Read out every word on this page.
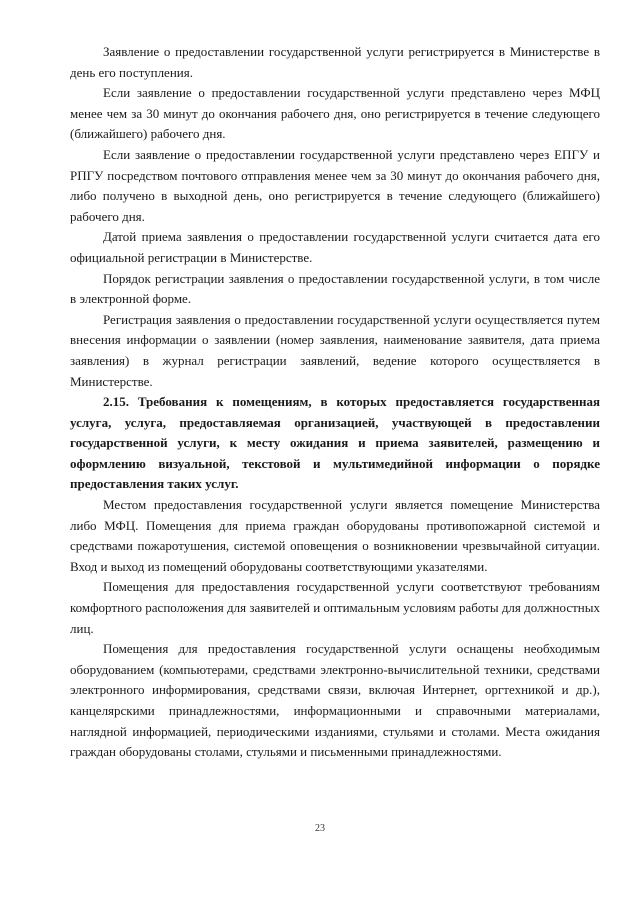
Заявление о предоставлении государственной услуги регистрируется в Министерстве в день его поступления.

Если заявление о предоставлении государственной услуги представлено через МФЦ менее чем за 30 минут до окончания рабочего дня, оно регистрируется в течение следующего (ближайшего) рабочего дня.

Если заявление о предоставлении государственной услуги представлено через ЕПГУ и РПГУ посредством почтового отправления менее чем за 30 минут до окончания рабочего дня, либо получено в выходной день, оно регистрируется в течение следующего (ближайшего) рабочего дня.

Датой приема заявления о предоставлении государственной услуги считается дата его официальной регистрации в Министерстве.

Порядок регистрации заявления о предоставлении государственной услуги, в том числе в электронной форме.

Регистрация заявления о предоставлении государственной услуги осуществляется путем внесения информации о заявлении (номер заявления, наименование заявителя, дата приема заявления) в журнал регистрации заявлений, ведение которого осуществляется в Министерстве.

2.15. Требования к помещениям, в которых предоставляется государственная услуга, услуга, предоставляемая организацией, участвующей в предоставлении государственной услуги, к месту ожидания и приема заявителей, размещению и оформлению визуальной, текстовой и мультимедийной информации о порядке предоставления таких услуг.

Местом предоставления государственной услуги является помещение Министерства либо МФЦ. Помещения для приема граждан оборудованы противопожарной системой и средствами пожаротушения, системой оповещения о возникновении чрезвычайной ситуации. Вход и выход из помещений оборудованы соответствующими указателями.

Помещения для предоставления государственной услуги соответствуют требованиям комфортного расположения для заявителей и оптимальным условиям работы для должностных лиц.

Помещения для предоставления государственной услуги оснащены необходимым оборудованием (компьютерами, средствами электронно-вычислительной техники, средствами электронного информирования, средствами связи, включая Интернет, оргтехникой и др.), канцелярскими принадлежностями, информационными и справочными материалами, наглядной информацией, периодическими изданиями, стульями и столами. Места ожидания граждан оборудованы столами, стульями и письменными принадлежностями.

23
